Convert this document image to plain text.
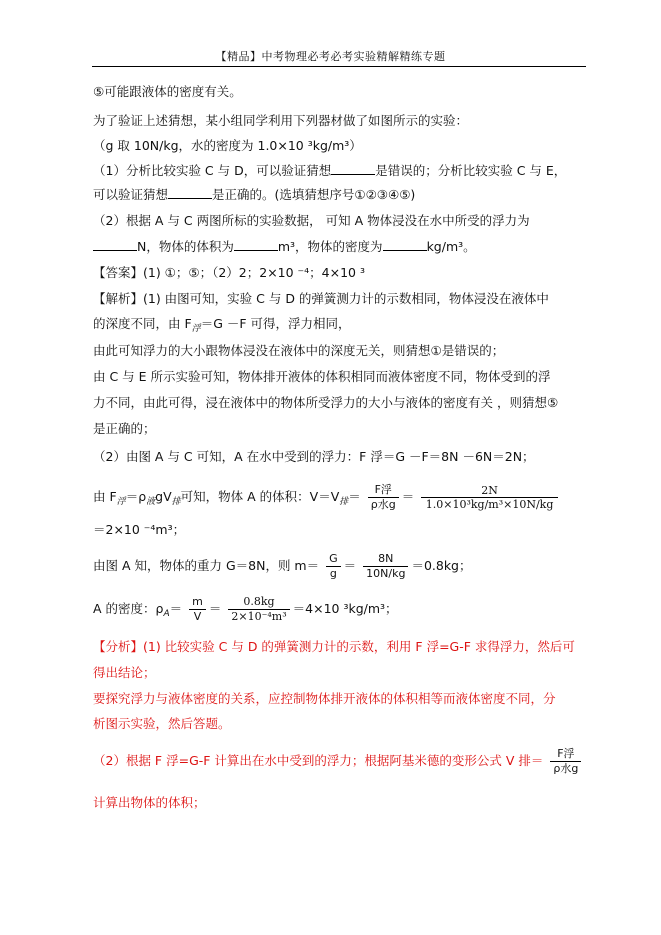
【精品】中考物理必考必考实验精解精练专题
⑤可能跟液体的密度有关。
为了验证上述猜想，某小组同学利用下列器材做了如图所示的实验：
（g 取 10N/kg，水的密度为 1.0×10 ³kg/m³）
（1）分析比较实验 C 与 D，可以验证猜想	是错误的；分析比较实验 C 与 E，
可以验证猜想	是正确的。(选填猜想序号①②③④⑤)
（2）根据 A 与 C 两图所标的实验数据， 可知 A 物体浸没在水中所受的浮力为
N，物体的体积为	m³，物体的密度为	kg/m³。
【答案】(1) ①；⑤；（2）2；2×10 ⁻⁴；4×10 ³
【解析】(1) 由图可知，实验 C 与 D 的弹簧测力计的示数相同，物体浸没在液体中
的深度不同，由 $F_浮=G -F$ 可得，浮力相同，
由此可知浮力的大小跟物体浸没在液体中的深度无关，则猜想①是错误的；
由 C 与 E 所示实验可知，物体排开液体的体积相同而液体密度不同，物体受到的浮
力不同，由此可得，浸在液体中的物体所受浮力的大小与液体的密度有关 ，则猜想⑤
是正确的；
（2）由图 A 与 C 可知，A 在水中受到的浮力：F 浮＝G －F＝8N －6N＝2N；
由 $F_浮=\rho_液gV_排$可知，物体 A 的体积：$V=V_排=$	F浮
ρ水g
＝ $\frac{2N}{\text{1.0×10³kg/m³×10N/kg}}$
＝2×10 ⁻⁴m³；
由图 A 知，物体的重力 G＝8N，则 $m= \frac{G}{g} = \frac{8N}{10N/kg} =0.8kg$；
A 的密度：$\rho_A= \frac{m}{V} = \frac{0.8kg}{\text{2×10⁻⁴m³}} =4\times 10$ ³kg/m³；
【分析】(1) 比较实验 C 与 D 的弹簧测力计的示数，利用 F 浮=G-F 求得浮力，然后可
得出结论；
要探究浮力与液体密度的关系，应控制物体排开液体的体积相等而液体密度不同，分
析图示实验，然后答题。
（2）根据 F 浮=G-F 计算出在水中受到的浮力；根据阿基米德的变形公式 V 排＝	F浮
ρ水g
计算出物体的体积；
